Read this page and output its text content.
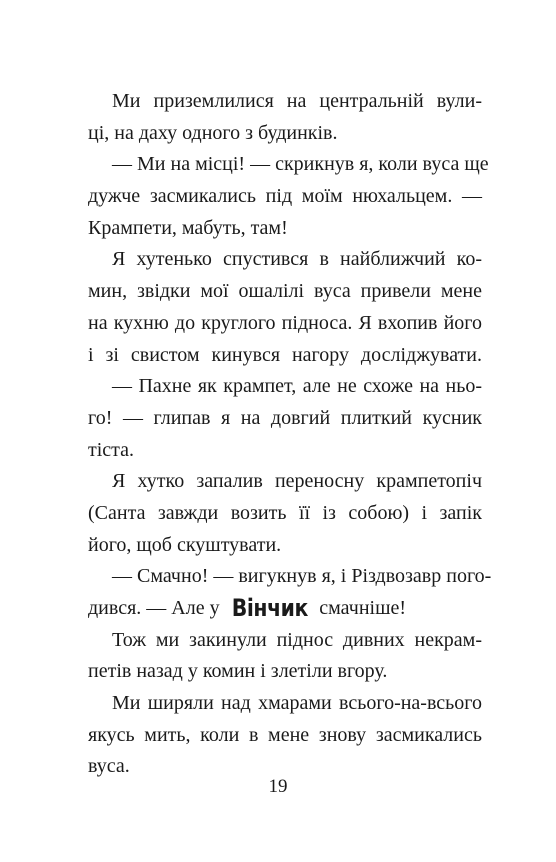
Ми приземлилися на центральній вули-
ці, на даху одного з будинків.
— Ми на місці! — скрикнув я, коли вуса ще
дужче засмикались під моїм нюхальцем. —
Крампети, мабуть, там!
Я хутенько спустився в найближчий ко-
мин, звідки мої ошалілі вуса привели мене
на кухню до круглого підноса. Я вхопив його
і зі свистом кинувся нагору досліджувати.
— Пахне як крампет, але не схоже на ньо-
го! — глипав я на довгий плиткий кусник
тіста.
Я хутко запалив переносну крампетопіч
(Санта завжди возить її із собою) і запік
його, щоб скуштувати.
— Смачно! — вигукнув я, і Різдвозавр пого-
дився. — Але у Вінчик смачніше!
Тож ми закинули піднос дивних некрам-
петів назад у комин і злетіли вгору.
Ми ширяли над хмарами всього-на-всього
якусь мить, коли в мене знову засмикались
вуса.
19
